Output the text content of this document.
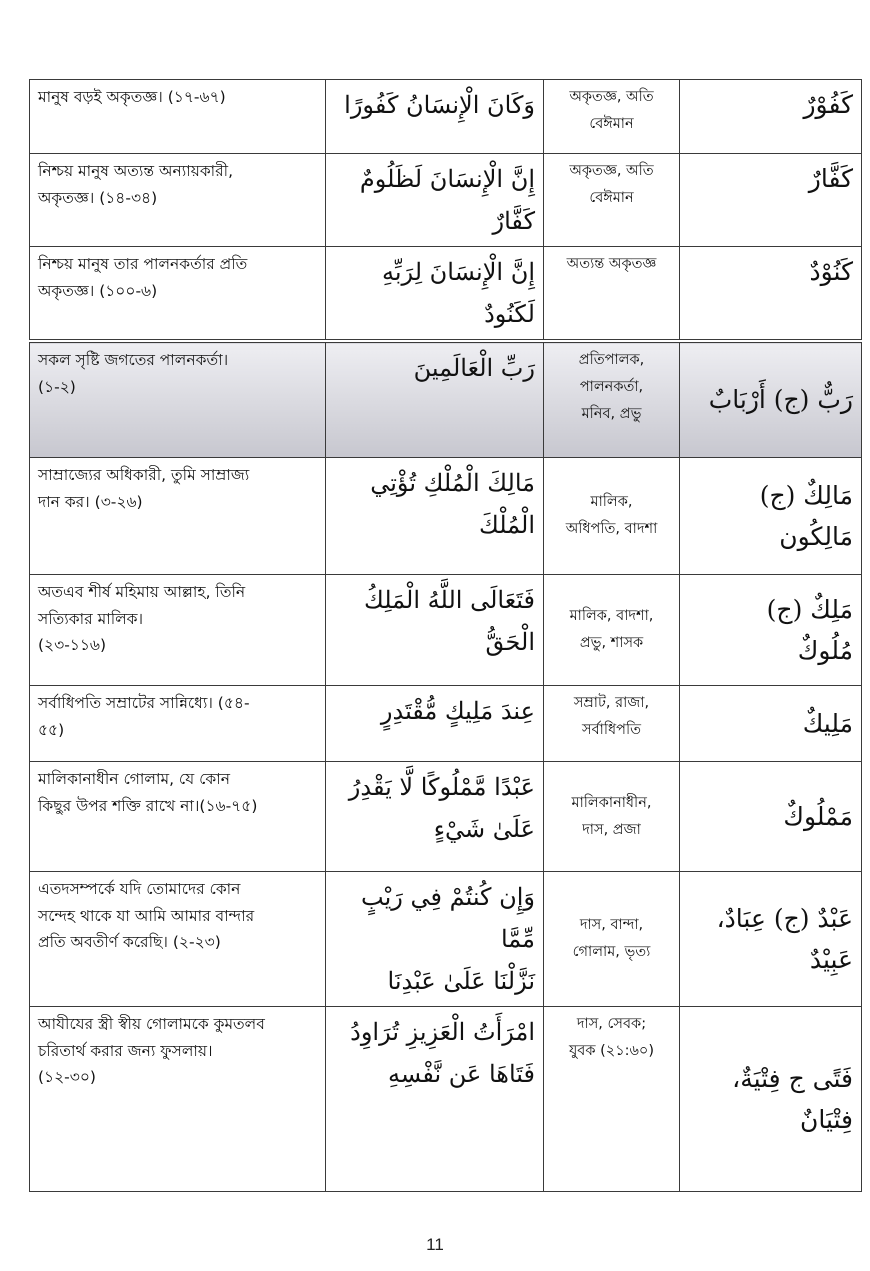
মানুষ বড়ই অকৃতজ্ঞ। (১৭-৬৭)	وَكَانَ الْإِنسَانُ كَفُورًا	অকৃতজ্ঞ, অতি
বেঈমান	كَفُوْرٌ

নিশ্চয় মানুষ অত্যন্ত অন্যায়কারী,
অকৃতজ্ঞ। (১৪-৩৪)	إِنَّ الْإِنسَانَ لَظَلُومٌ كَفَّارٌ	অকৃতজ্ঞ, অতি
বেঈমান	كَفَّارٌ

নিশ্চয় মানুষ তার পালনকর্তার প্রতি
অকৃতজ্ঞ। (১০০-৬)	إِنَّ الْإِنسَانَ لِرَبِّهِ لَكَنُودٌ	অত্যন্ত অকৃতজ্ঞ	كَنُوْدٌ
সকল সৃষ্টি জগতের পালনকর্তা।
(১-২)	رَبِّ الْعَالَمِينَ	প্রতিপালক,
পালনকর্তা,
মনিব, প্রভু	رَبٌّ (ج) أَرْبَابٌ

সাম্রাজ্যের অধিকারী, তুমি সাম্রাজ্য
দান কর। (৩-২৬)	مَالِكَ الْمُلْكِ تُؤْتِي
الْمُلْكَ	মালিক,
অধিপতি, বাদশা	مَالِكٌ (ج)
مَالِكُون

অতএব শীর্ষ মহিমায় আল্লাহ, তিনি
সত্যিকার মালিক।
(২৩-১১৬)	فَتَعَالَى اللَّهُ الْمَلِكُ
الْحَقُّ	মালিক, বাদশা,
প্রভু, শাসক	مَلِكٌ (ج)
مُلُوكٌ

সর্বাধিপতি সম্রাটের সান্নিধ্যে। (৫৪-
৫৫)	عِندَ مَلِيكٍ مُّقْتَدِرٍ	সম্রাট, রাজা,
সর্বাধিপতি	مَلِيكٌ

মালিকানাধীন গোলাম, যে কোন
কিছুর উপর শক্তি রাখে না।(১৬-৭৫)	عَبْدًا مَّمْلُوكًا لَّا يَقْدِرُ
عَلَىٰ شَيْءٍ	মালিকানাধীন,
দাস, প্রজা	مَمْلُوكٌ

এতদসম্পর্কে যদি তোমাদের কোন
সন্দেহ থাকে যা আমি আমার বান্দার
প্রতি অবতীর্ণ করেছি। (২-২৩)	وَإِن كُنتُمْ فِي رَيْبٍ مِّمَّا
نَزَّلْنَا عَلَىٰ عَبْدِنَا	দাস, বান্দা,
গোলাম, ভৃত্য	عَبْدٌ (ج) عِبَادٌ،
عَبِيْدٌ

আযীযের স্ত্রী স্বীয় গোলামকে কুমতলব
চরিতার্থ করার জন্য ফুসলায়।
(১২-৩০)	امْرَأَتُ الْعَزِيزِ تُرَاوِدُ
فَتَاهَا عَن نَّفْسِهِ	দাস, সেবক;
যুবক (২১:৬০)	فَتًى ج فِتْيَةٌ،
فِتْيَانٌ
11
